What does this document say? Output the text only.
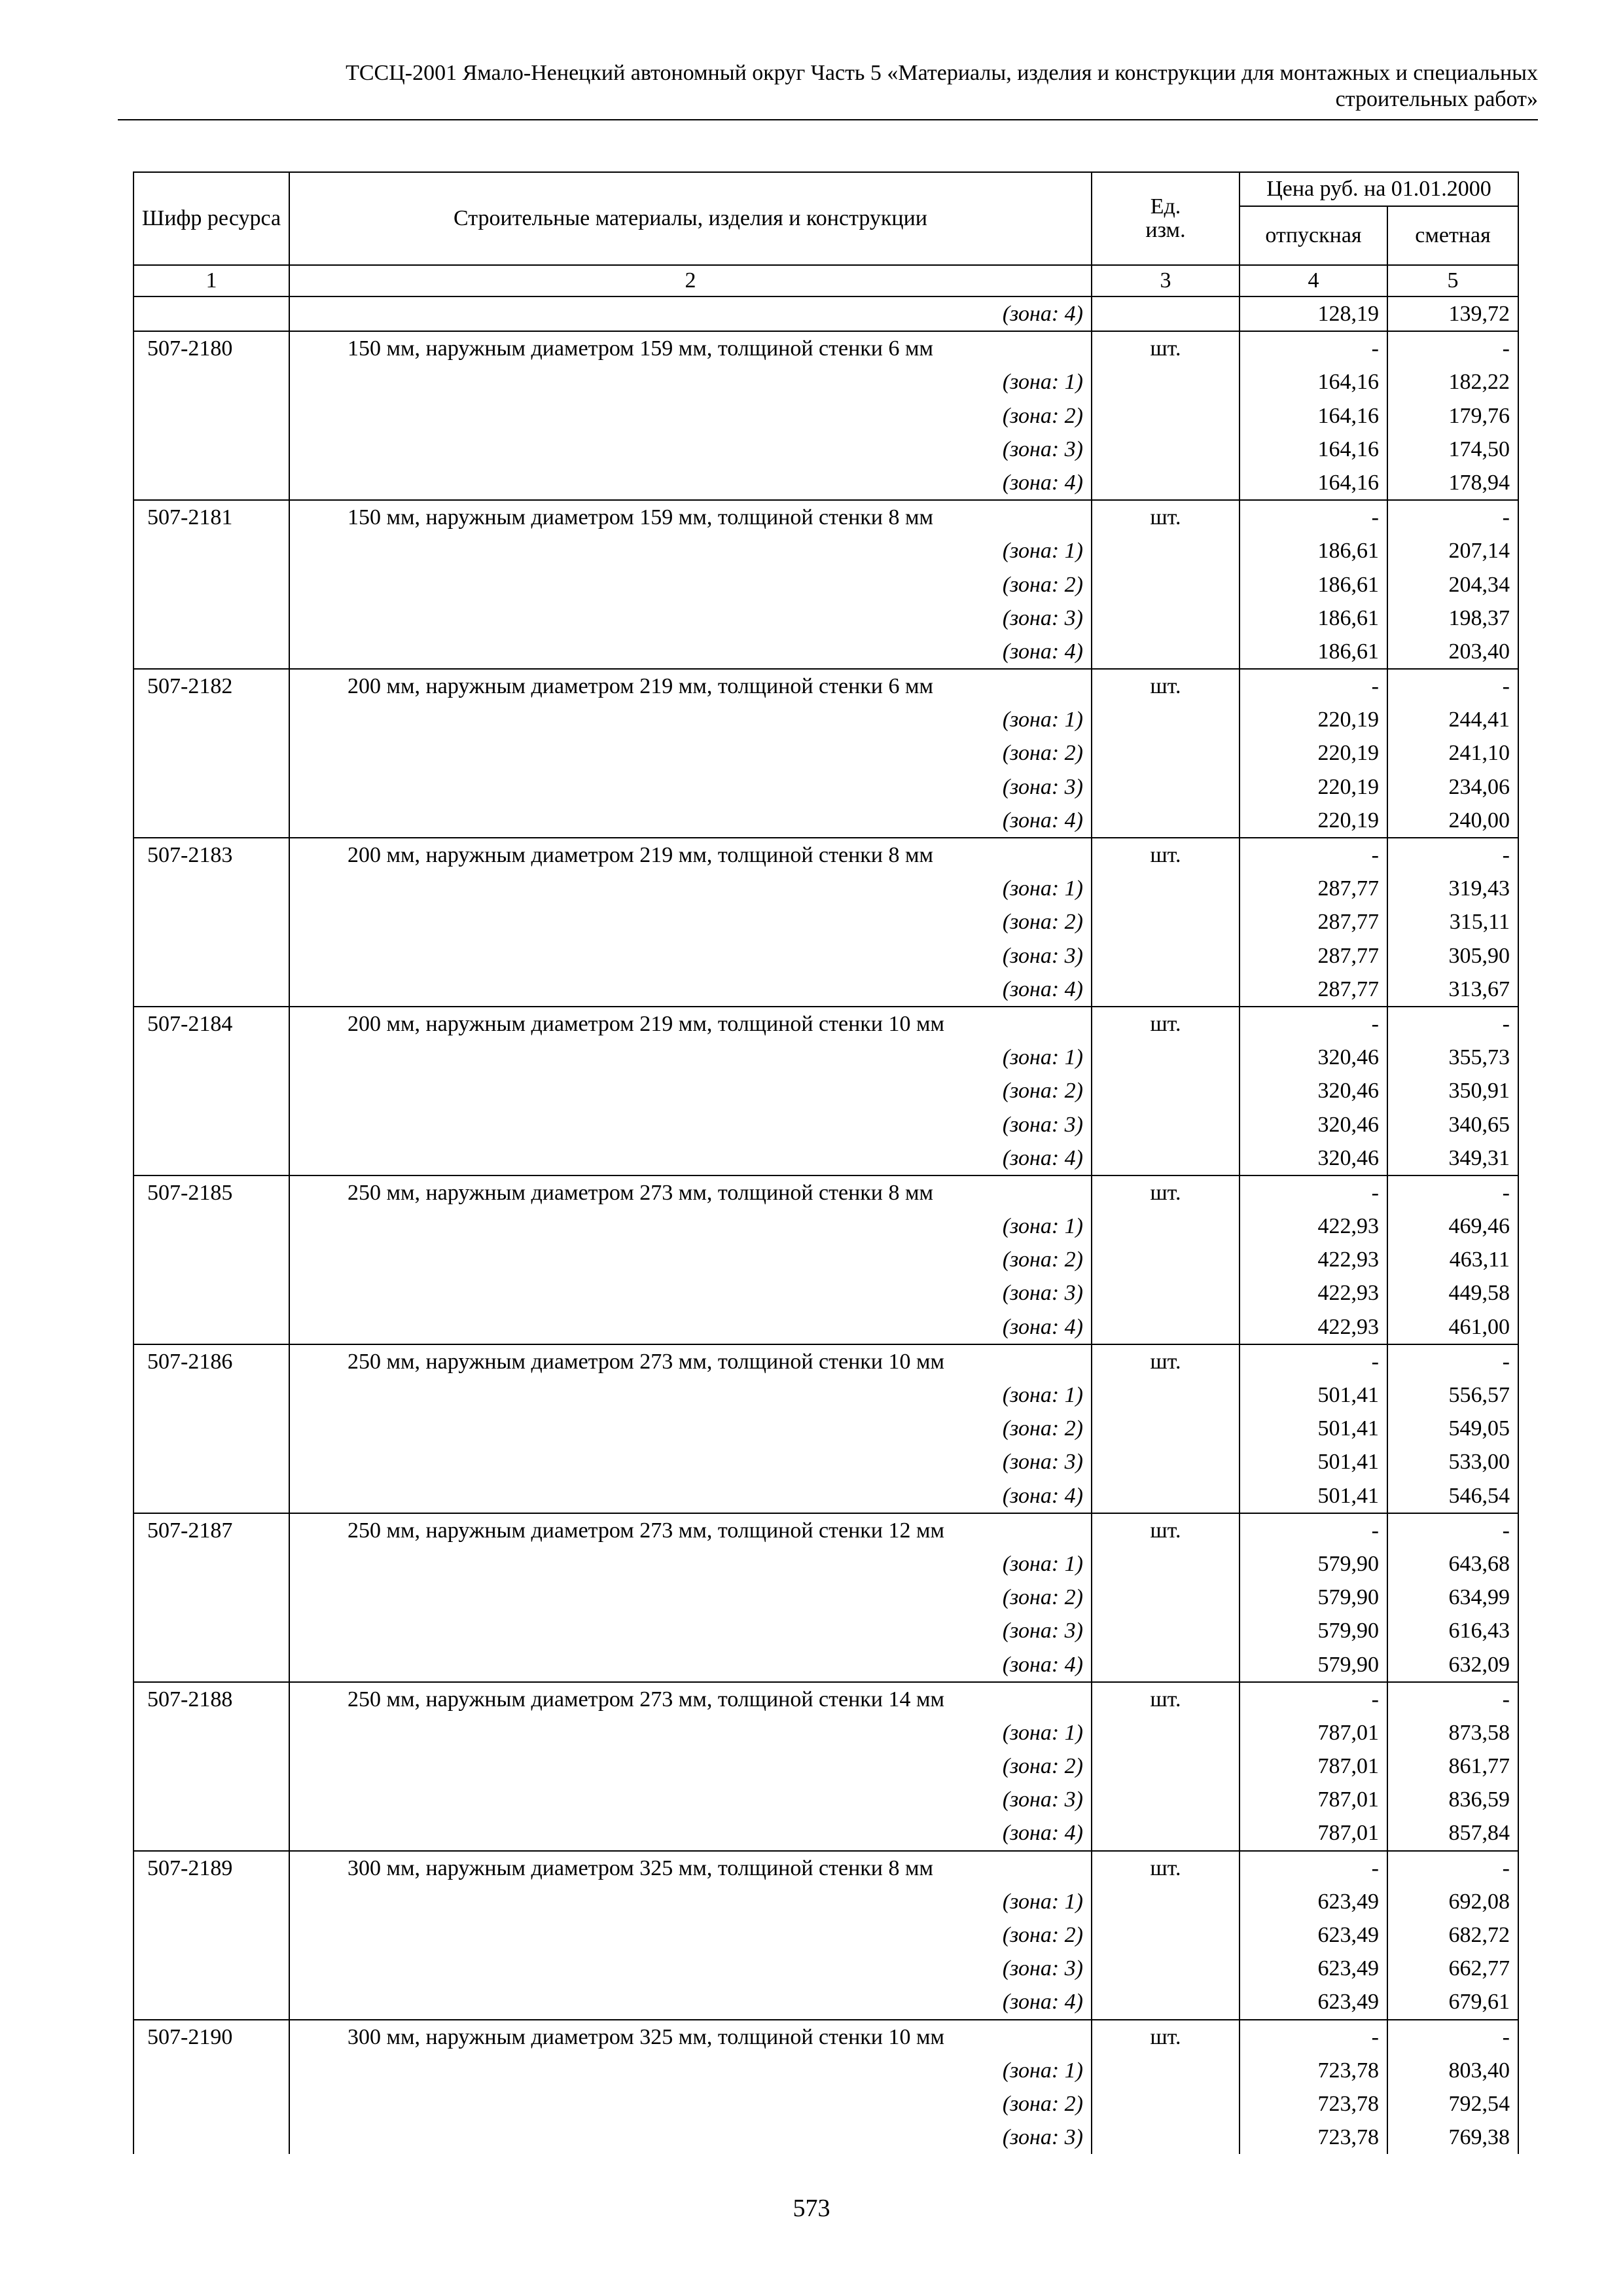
ТССЦ-2001 Ямало-Ненецкий автономный округ Часть 5 «Материалы, изделия и конструкции для монтажных и специальных
строительных работ»
Шифр ресурса	Строительные материалы, изделия и конструкции	Ед. изм.	Цена руб. на 01.01.2000	
			отпускная	сметная
1	2	3	4	5
	(зона: 4)		128,19	139,72
507-2180	150 мм, наружным диаметром 159 мм, толщиной стенки 6 мм	шт.	-	-
	(зона: 1)		164,16	182,22
	(зона: 2)		164,16	179,76
	(зона: 3)		164,16	174,50
	(зона: 4)		164,16	178,94
507-2181	150 мм, наружным диаметром 159 мм, толщиной стенки 8 мм	шт.	-	-
	(зона: 1)		186,61	207,14
	(зона: 2)		186,61	204,34
	(зона: 3)		186,61	198,37
	(зона: 4)		186,61	203,40
507-2182	200 мм, наружным диаметром 219 мм, толщиной стенки 6 мм	шт.	-	-
	(зона: 1)		220,19	244,41
	(зона: 2)		220,19	241,10
	(зона: 3)		220,19	234,06
	(зона: 4)		220,19	240,00
507-2183	200 мм, наружным диаметром 219 мм, толщиной стенки 8 мм	шт.	-	-
	(зона: 1)		287,77	319,43
	(зона: 2)		287,77	315,11
	(зона: 3)		287,77	305,90
	(зона: 4)		287,77	313,67
507-2184	200 мм, наружным диаметром 219 мм, толщиной стенки 10 мм	шт.	-	-
	(зона: 1)		320,46	355,73
	(зона: 2)		320,46	350,91
	(зона: 3)		320,46	340,65
	(зона: 4)		320,46	349,31
507-2185	250 мм, наружным диаметром 273 мм, толщиной стенки 8 мм	шт.	-	-
	(зона: 1)		422,93	469,46
	(зона: 2)		422,93	463,11
	(зона: 3)		422,93	449,58
	(зона: 4)		422,93	461,00
507-2186	250 мм, наружным диаметром 273 мм, толщиной стенки 10 мм	шт.	-	-
	(зона: 1)		501,41	556,57
	(зона: 2)		501,41	549,05
	(зона: 3)		501,41	533,00
	(зона: 4)		501,41	546,54
507-2187	250 мм, наружным диаметром 273 мм, толщиной стенки 12 мм	шт.	-	-
	(зона: 1)		579,90	643,68
	(зона: 2)		579,90	634,99
	(зона: 3)		579,90	616,43
	(зона: 4)		579,90	632,09
507-2188	250 мм, наружным диаметром 273 мм, толщиной стенки 14 мм	шт.	-	-
	(зона: 1)		787,01	873,58
	(зона: 2)		787,01	861,77
	(зона: 3)		787,01	836,59
	(зона: 4)		787,01	857,84
507-2189	300 мм, наружным диаметром 325 мм, толщиной стенки 8 мм	шт.	-	-
	(зона: 1)		623,49	692,08
	(зона: 2)		623,49	682,72
	(зона: 3)		623,49	662,77
	(зона: 4)		623,49	679,61
507-2190	300 мм, наружным диаметром 325 мм, толщиной стенки 10 мм	шт.	-	-
	(зона: 1)		723,78	803,40
	(зона: 2)		723,78	792,54
	(зона: 3)		723,78	769,38
573
